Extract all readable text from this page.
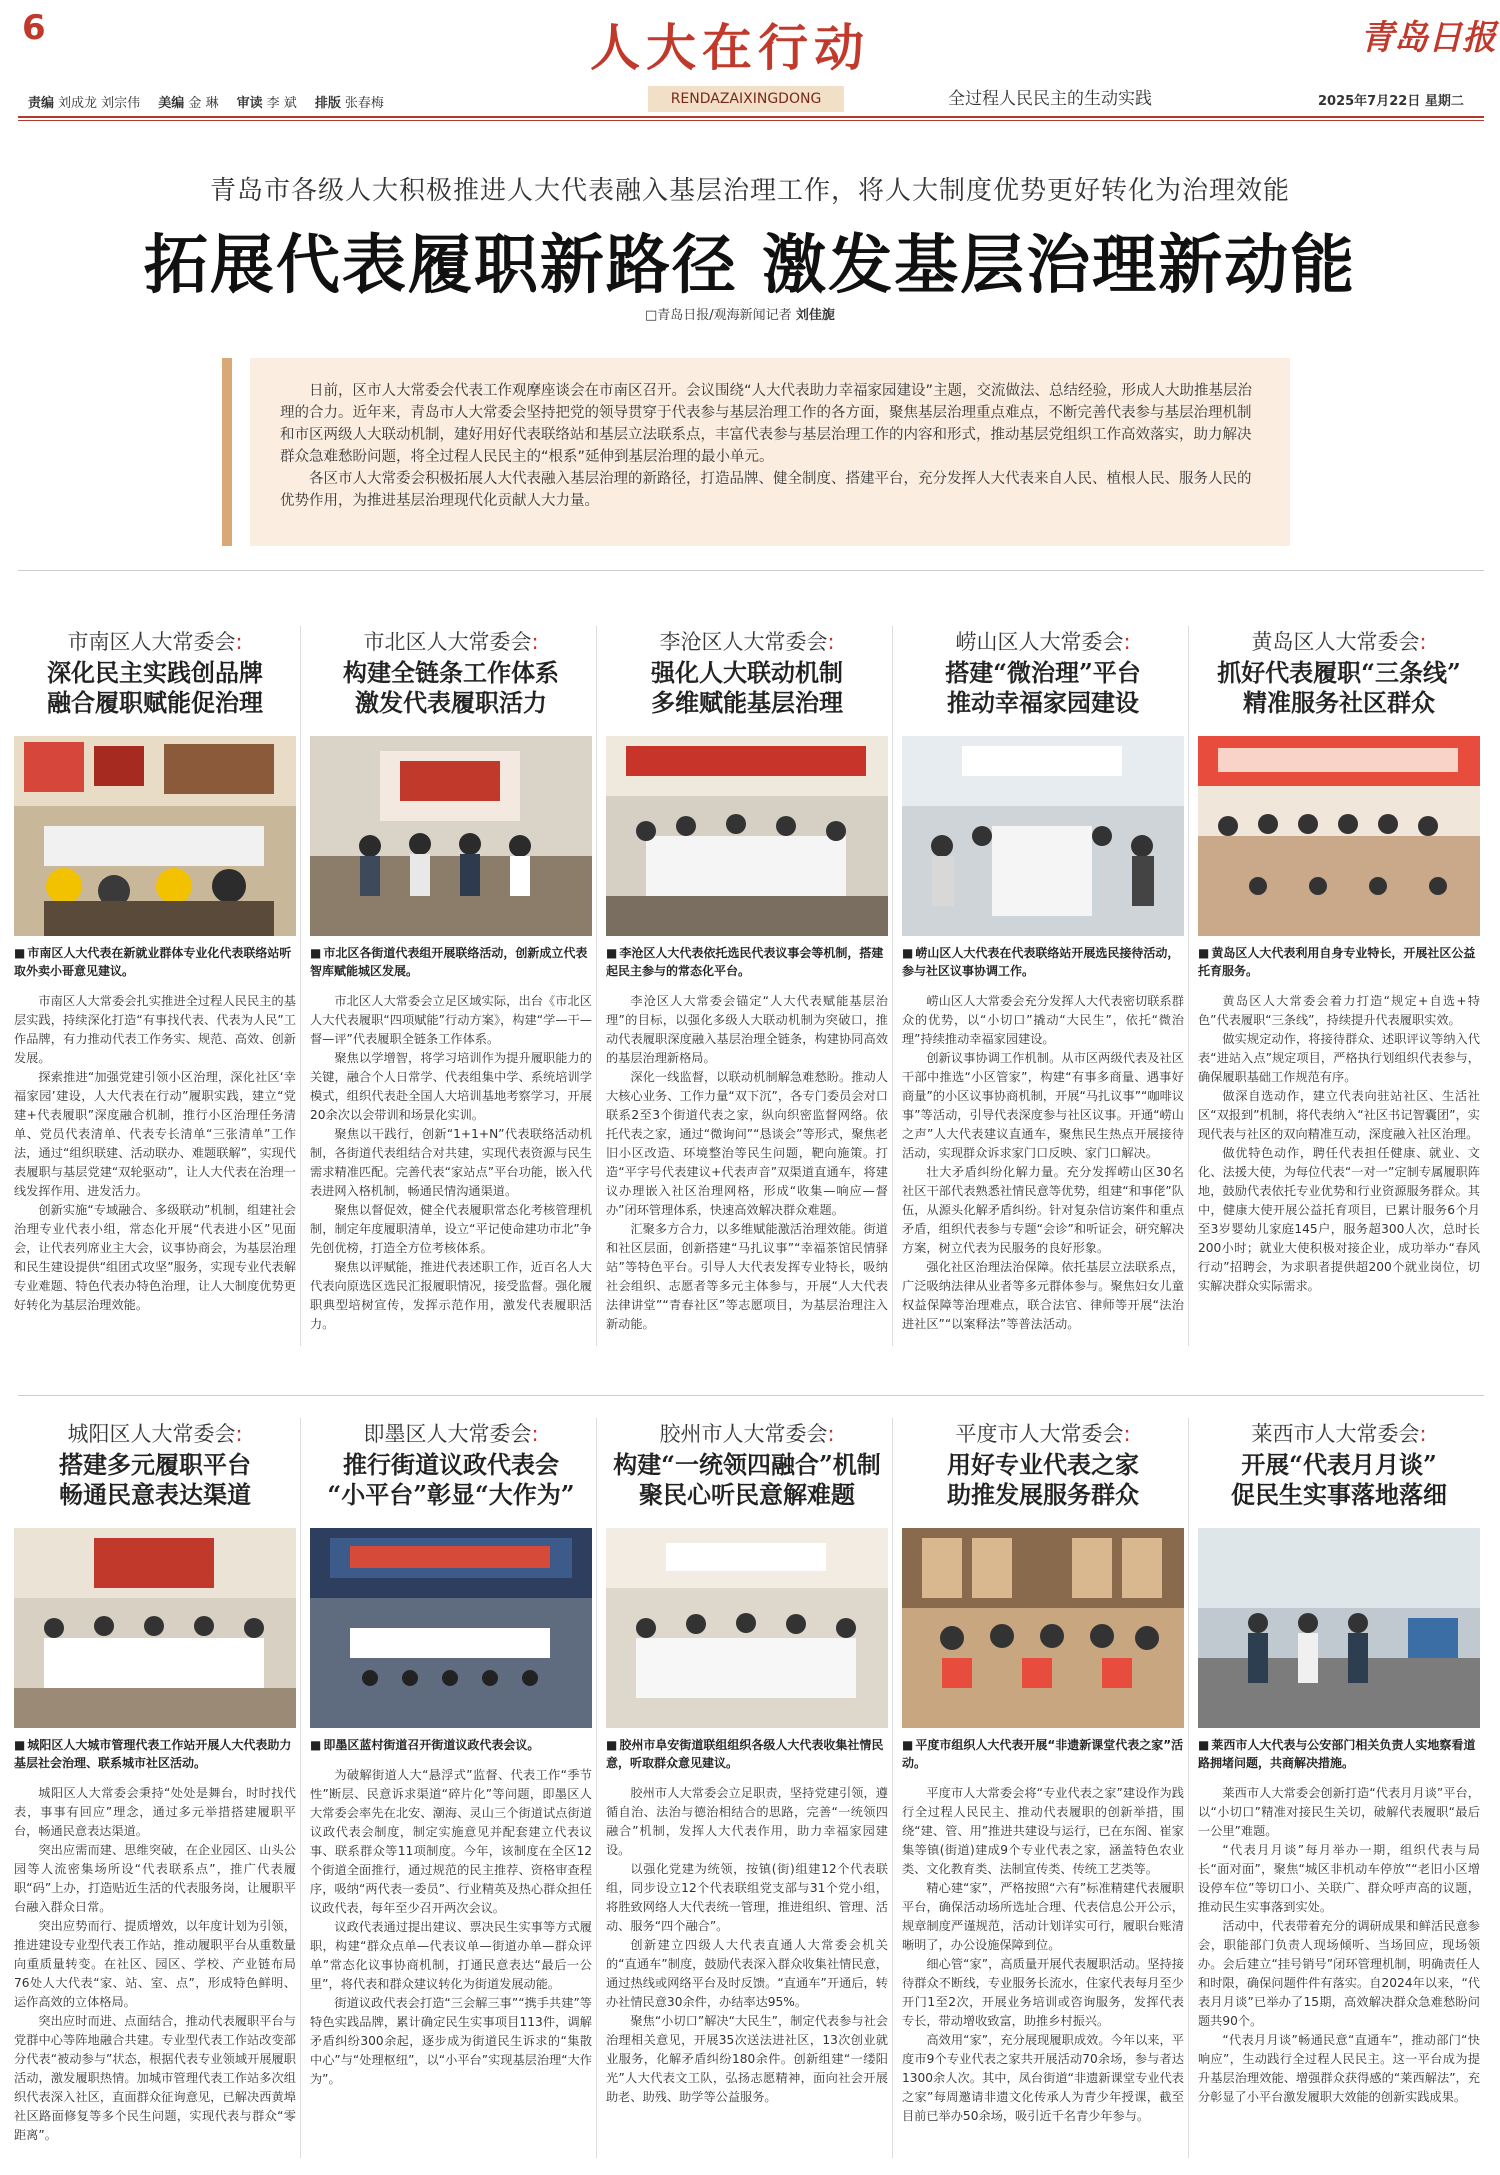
6	人大在行动
RENDAZAIXINGDONG
青岛日报
全过程人民民主的生动实践	2025年7月22日 星期二
责编 刘成龙 刘宗伟 美编 金 琳 审读 李 斌 排版 张春梅
青岛市各级人大积极推进人大代表融入基层治理工作，将人大制度优势更好转化为治理效能
拓展代表履职新路径 激发基层治理新动能
□青岛日报/观海新闻记者 刘佳旎

日前，区市人大常委会代表工作观摩座谈会在市南区召开。会议围绕“人大代表助力幸福家园建设”主题，交流做法、总结经验，形成人大助推基层治理的合力。近年来，青岛市人大常委会坚持把党的领导贯穿于代表参与基层治理工作的各方面，聚焦基层治理重点难点，不断完善代表参与基层治理机制和市区两级人大联动机制，建好用好代表联络站和基层立法联系点，丰富代表参与基层治理工作的内容和形式，推动基层党组织工作高效落实，助力解决群众急难愁盼问题，将全过程人民民主的“根系”延伸到基层治理的最小单元。

各区市人大常委会积极拓展人大代表融入基层治理的新路径，打造品牌、健全制度、搭建平台，充分发挥人大代表来自人民、植根人民、服务人民的优势作用，为推进基层治理现代化贡献人大力量。

市南区人大常委会 :
深化民主实践创品牌
融合履职赋能促治理
■ 市南区人大代表在新就业群体专业化代表联络站听取外卖小哥意见建议。

市南区人大常委会扎实推进全过程人民民主的基层实践，持续深化打造“有事找代表、代表为人民”工作品牌，有力推动代表工作务实、规范、高效、创新发展。

探索推进“加强党建引领小区治理，深化社区‘幸福家园’建设，人大代表在行动”履职实践，建立“党建+代表履职”深度融合机制，推行小区治理任务清单、党员代表清单、代表专长清单“三张清单”工作法，通过“组织联建、活动联办、难题联解”，实现代表履职与基层党建“双轮驱动”，让人大代表在治理一线发挥作用、进发活力。

创新实施“专域融合、多级联动”机制，组建社会治理专业代表小组，常态化开展“代表进小区”见面会，让代表列席业主大会，议事协商会，为基层治理和民生建设提供“组团式攻坚”服务，实现专业代表解专业难题、特色代表办特色治理，让人大制度优势更好转化为基层治理效能。

市北区人大常委会 :
构建全链条工作体系
激发代表履职活力
■ 市北区各街道代表组开展联络活动，创新成立代表智库赋能城区发展。

市北区人大常委会立足区域实际，出台《市北区人大代表履职“四项赋能”行动方案》，构建“学—干—督—评”代表履职全链条工作体系。

聚焦以学增智，将学习培训作为提升履职能力的关键，融合个人日常学、代表组集中学、系统培训学模式，组织代表赴全国人大培训基地考察学习，开展20余次以会带训和场景化实训。

聚焦以干践行，创新“1+1+N”代表联络活动机制，各街道代表组结合对共建，实现代表资源与民生需求精准匹配。完善代表“家站点”平台功能，嵌入代表进网入格机制，畅通民情沟通渠道。

聚焦以督促效，健全代表履职常态化考核管理机制，制定年度履职清单，设立“平记使命建功市北”争先创优榜，打造全方位考核体系。

聚焦以评赋能，推进代表述职工作，近百名人大代表向原选区选民汇报履职情况，接受监督。强化履职典型培树宣传，发挥示范作用，激发代表履职活力。

李沧区人大常委会 :
强化人大联动机制
多维赋能基层治理
■ 李沧区人大代表依托选民代表议事会等机制，搭建起民主参与的常态化平台。

李沧区人大常委会锚定“人大代表赋能基层治理”的目标，以强化多级人大联动机制为突破口，推动代表履职深度融入基层治理全链条，构建协同高效的基层治理新格局。

深化一线监督，以联动机制解急难愁盼。推动人大核心业务、工作力量“双下沉”，各专门委员会对口联系2至3个街道代表之家，纵向织密监督网络。依托代表之家，通过“微询问”“恳谈会”等形式，聚焦老旧小区改造、环境整治等民生问题，靶向施策。打造“平字号代表建议+代表声音”双渠道直通车，将建议办理嵌入社区治理网格，形成“收集—响应—督办”闭环管理体系，快速高效解决群众难题。

汇聚多方合力，以多维赋能激活治理效能。街道和社区层面，创新搭建“马扎议事”“幸福茶馆民情驿站”等特色平台。引导人大代表发挥专业特长，吸纳社会组织、志愿者等多元主体参与，开展“人大代表法律讲堂”“青春社区”等志愿项目，为基层治理注入新动能。

崂山区人大常委会 :
搭建“微治理”平台
推动幸福家园建设
■ 崂山区人大代表在代表联络站开展选民接待活动，参与社区议事协调工作。

崂山区人大常委会充分发挥人大代表密切联系群众的优势，以“小切口”撬动“大民生”，依托“微治理”持续推动幸福家园建设。

创新议事协调工作机制。从市区两级代表及社区干部中推选“小区管家”，构建“有事多商量、遇事好商量”的小区议事协商机制，开展“马扎议事”“咖啡议事”等活动，引导代表深度参与社区议事。开通“崂山之声”人大代表建议直通车，聚焦民生热点开展接待活动，实现群众诉求家门口反映、家门口解决。

壮大矛盾纠纷化解力量。充分发挥崂山区30名社区干部代表熟悉社情民意等优势，组建“和事佬”队伍，从源头化解矛盾纠纷。针对复杂信访案件和重点矛盾，组织代表参与专题“会诊”和听证会，研究解决方案，树立代表为民服务的良好形象。

强化社区治理法治保障。依托基层立法联系点，广泛吸纳法律从业者等多元群体参与。聚焦妇女儿童权益保障等治理难点，联合法官、律师等开展“法治进社区”“以案释法”等普法活动。

黄岛区人大常委会 :
抓好代表履职“三条线”
精准服务社区群众
■ 黄岛区人大代表利用自身专业特长，开展社区公益托育服务。

黄岛区人大常委会着力打造“规定+自选+特色”代表履职“三条线”，持续提升代表履职实效。

做实规定动作，将接待群众、述职评议等纳入代表“进站入点”规定项目，严格执行划组织代表参与，确保履职基础工作规范有序。

做深自选动作，建立代表向驻站社区、生活社区“双报到”机制，将代表纳入“社区书记智囊团”，实现代表与社区的双向精准互动，深度融入社区治理。

做优特色动作，聘任代表担任健康、就业、文化、法援大使，为每位代表“一对一”定制专属履职阵地，鼓励代表依托专业优势和行业资源服务群众。其中，健康大使开展公益托育项目，已累计服务6个月至3岁婴幼儿家庭145户，服务超300人次，总时长200小时；就业大使积极对接企业，成功举办“春风行动”招聘会，为求职者提供超200个就业岗位，切实解决群众实际需求。

城阳区人大常委会 :
搭建多元履职平台
畅通民意表达渠道
■ 城阳区人大城市管理代表工作站开展人大代表助力基层社会治理、联系城市社区活动。

城阳区人大常委会秉持“处处是舞台，时时找代表，事事有回应”理念，通过多元举措搭建履职平台，畅通民意表达渠道。

突出应需而建、思维突破，在企业园区、山头公园等人流密集场所设“代表联系点”，推广代表履职“码”上办，打造贴近生活的代表服务岗，让履职平台融入群众日常。

突出应势而行、提质增效，以年度计划为引领，推进建设专业型代表工作站，推动履职平台从重数量向重质量转变。在社区、园区、学校、产业链布局76处人大代表“家、站、室、点”，形成特色鲜明、运作高效的立体格局。

突出应时而进、点面结合，推动代表履职平台与党群中心等阵地融合共建。专业型代表工作站改变部分代表“被动参与”状态，根据代表专业领域开展履职活动，激发履职热情。加城市管理代表工作站多次组织代表深入社区，直面群众征询意见，已解决西黄埠社区路面修复等多个民生问题，实现代表与群众“零距离”。

即墨区人大常委会 :
推行街道议政代表会
“小平台”彰显“大作为”
■ 即墨区蓝村街道召开街道议政代表会议。

为破解街道人大“悬浮式”监督、代表工作“季节性”断层、民意诉求渠道“碎片化”等问题，即墨区人大常委会率先在北安、潮海、灵山三个街道试点街道议政代表会制度，制定实施意见并配套建立代表议事、联系群众等11项制度。今年，该制度在全区12个街道全面推行，通过规范的民主推荐、资格审查程序，吸纳“两代表一委员”、行业精英及热心群众担任议政代表，每年至少召开两次会议。

议政代表通过提出建议、票决民生实事等方式履职，构建“群众点单—代表议单—街道办单—群众评单”常态化议事协商机制，打通民意表达“最后一公里”，将代表和群众建议转化为街道发展动能。

街道议政代表会打造“三会解三事”“携手共建”等特色实践品牌，累计确定民生实事项目113件，调解矛盾纠纷300余起，逐步成为街道民生诉求的“集散中心”与“处理枢纽”，以“小平台”实现基层治理“大作为”。

胶州市人大常委会 :
构建“一统领四融合”机制
聚民心听民意解难题
■ 胶州市阜安街道联组组织各级人大代表收集社情民意，听取群众意见建议。

胶州市人大常委会立足职责，坚持党建引领，遵循自治、法治与德治相结合的思路，完善“一统领四融合”机制，发挥人大代表作用，助力幸福家园建设。

以强化党建为统领，按镇(街)组建12个代表联组，同步设立12个代表联组党支部与31个党小组，将胜致网络人大代表统一管理，推进组织、管理、活动、服务“四个融合”。

创新建立四级人大代表直通人大常委会机关的“直通车”制度，鼓励代表深入群众收集社情民意，通过热线或网络平台及时反馈。“直通车”开通后，转办社情民意30余件，办结率达95%。

聚焦“小切口”解决“大民生”，制定代表参与社会治理相关意见，开展35次送法进社区，13次创业就业服务，化解矛盾纠纷180余件。创新组建“一缕阳光”人大代表文工队，弘扬志愿精神，面向社会开展助老、助残、助学等公益服务。

平度市人大常委会 :
用好专业代表之家
助推发展服务群众
■ 平度市组织人大代表开展“非遗新课堂代表之家”活动。

平度市人大常委会将“专业代表之家”建设作为践行全过程人民民主、推动代表履职的创新举措，围绕“建、管、用”推进共建设与运行，已在东阁、崔家集等镇(街道)建成9个专业代表之家，涵盖特色农业类、文化教育类、法制宣传类、传统工艺类等。

精心建“家”，严格按照“六有”标准精建代表履职平台，确保活动场所选址合理、代表信息公开公示，规章制度严谨规范，活动计划详实可行，履职台账清晰明了，办公设施保障到位。

细心管“家”，高质量开展代表履职活动。坚持接待群众不断线，专业服务长流水，住家代表每月至少开门1至2次，开展业务培训或咨询服务，发挥代表专长，带动增收致富，助推乡村振兴。

高效用“家”，充分展现履职成效。今年以来，平度市9个专业代表之家共开展活动70余场，参与者达1300余人次。其中，凤台街道“非遗新课堂专业代表之家”每周邀请非遗文化传承人为青少年授课，截至目前已举办50余场，吸引近千名青少年参与。

莱西市人大常委会 :
开展“代表月月谈”
促民生实事落地落细
■ 莱西市人大代表与公安部门相关负责人实地察看道路拥堵问题，共商解决措施。

莱西市人大常委会创新打造“代表月月谈”平台，以“小切口”精准对接民生关切，破解代表履职“最后一公里”难题。

“代表月月谈”每月举办一期，组织代表与局长“面对面”，聚焦“城区非机动车停放”“老旧小区增设停车位”等切口小、关联广、群众呼声高的议题，推动民生实事落到实处。

活动中，代表带着充分的调研成果和鲜活民意参会，职能部门负责人现场倾听、当场回应，现场领办。会后建立“挂号销号”闭环管理机制，明确责任人和时限，确保问题件件有落实。自2024年以来，“代表月月谈”已举办了15期，高效解决群众急难愁盼问题共90个。

“代表月月谈”畅通民意“直通车”，推动部门“快响应”，生动践行全过程人民民主。这一平台成为提升基层治理效能、增强群众获得感的“莱西解法”，充分彰显了小平台激发履职大效能的创新实践成果。
